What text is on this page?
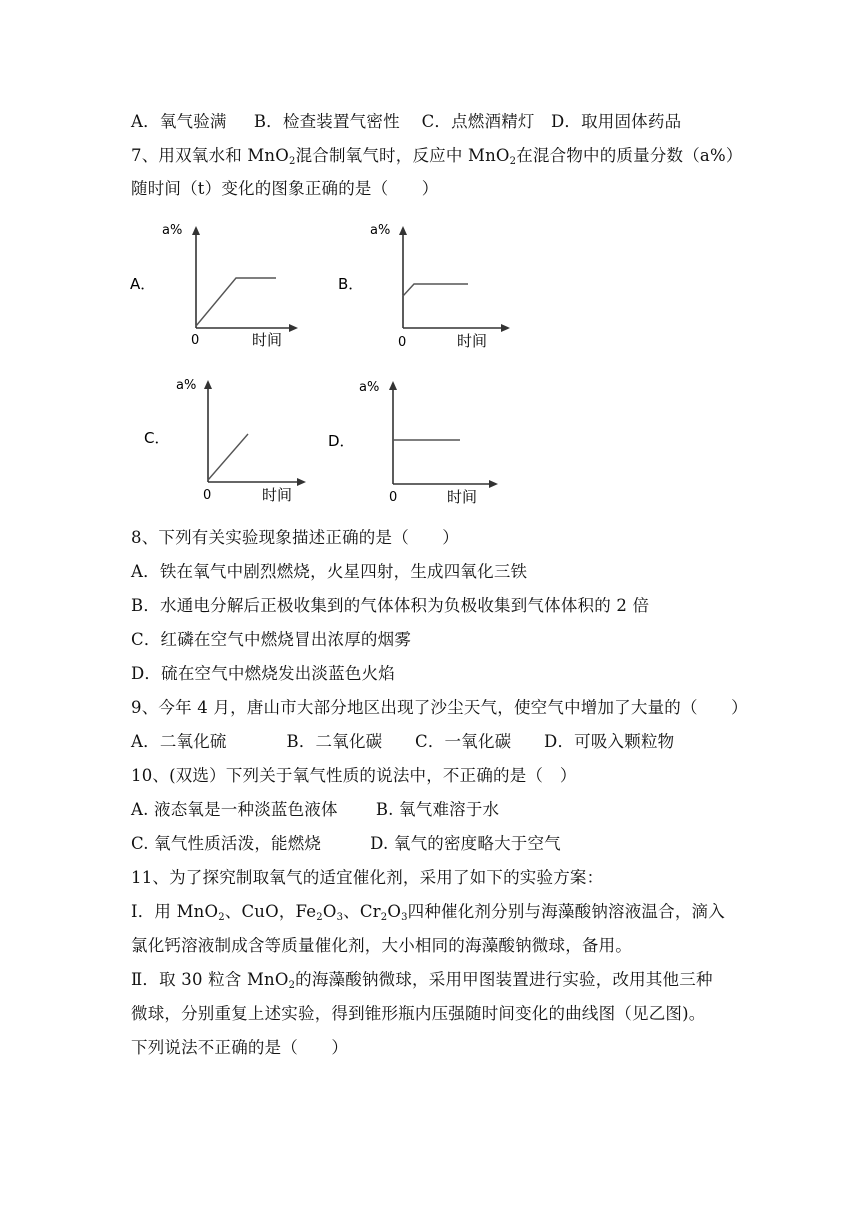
A．氧气验满 B．检查装置气密性 C．点燃酒精灯 D．取用固体药品
7、用双氧水和 MnO$_2$混合制氧气时，反应中 MnO$_2$在混合物中的质量分数（a%）
随时间（t）变化的图象正确的是（　　）
A．
a%
0	时间
B．
a%
0	时间
C．
a%
0	时间
D．
a%
0	时间
8、下列有关实验现象描述正确的是（　　）
A．铁在氧气中剧烈燃烧，火星四射，生成四氧化三铁
B．水通电分解后正极收集到的气体体积为负极收集到气体体积的 2 倍
C．红磷在空气中燃烧冒出浓厚的烟雾
D．硫在空气中燃烧发出淡蓝色火焰
9、今年 4 月，唐山市大部分地区出现了沙尘天气，使空气中增加了大量的（　　）
A．二氧化硫	B．二氧化碳 C．一氧化碳 D．可吸入颗粒物
10、(双选）下列关于氧气性质的说法中，不正确的是（　）
A. 液态氧是一种淡蓝色液体 B. 氧气难溶于水
C. 氧气性质活泼，能燃烧	D. 氧气的密度略大于空气
11、为了探究制取氧气的适宜催化剂，采用了如下的实验方案：
Ⅰ．用 MnO$_2$、CuO，$Fe_2O_3$、$Cr_2O_3$四种催化剂分别与海藻酸钠溶液温合，滴入
氯化钙溶液制成含等质量催化剂，大小相同的海藻酸钠微球，备用。
Ⅱ．取 30 粒含 MnO$_2$的海藻酸钠微球，采用甲图装置进行实验，改用其他三种
微球，分别重复上述实验，得到锥形瓶内压强随时间变化的曲线图（见乙图)。
下列说法不正确的是（　　）
